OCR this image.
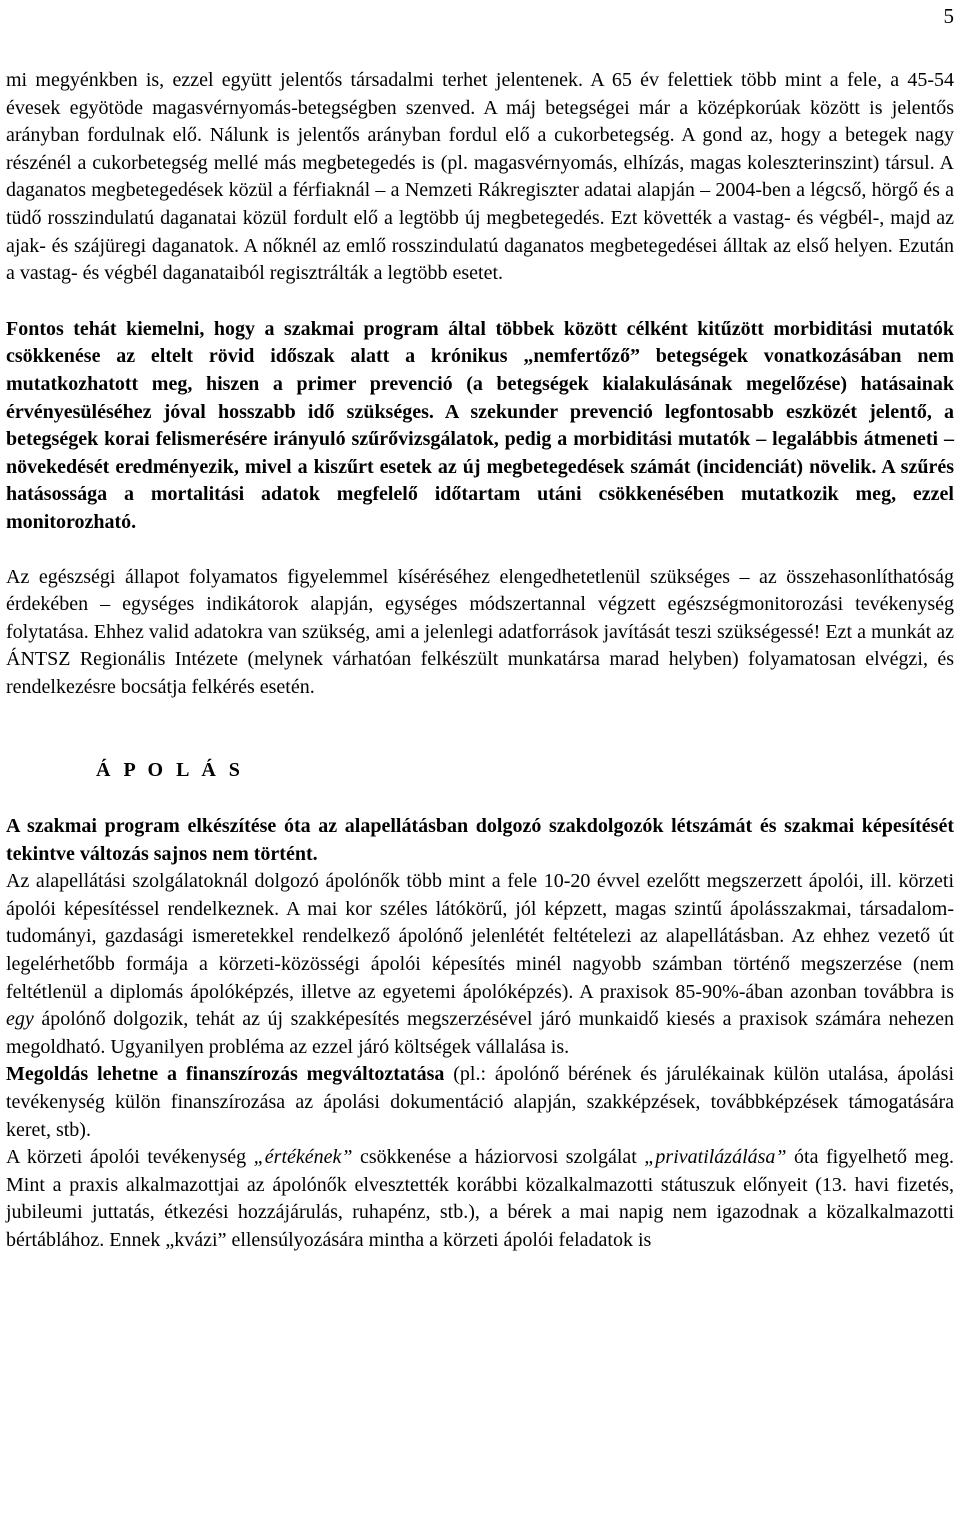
5

mi megyénkben is, ezzel együtt jelentős társadalmi terhet jelentenek. A 65 év felettiek több mint a fele, a 45-54 évesek egyötöde magasvérnyomás-betegségben szenved. A máj betegségei már a középkorúak között is jelentős arányban fordulnak elő. Nálunk is jelentős arányban fordul elő a cukorbetegség. A gond az, hogy a betegek nagy részénél a cukorbetegség mellé más megbetegedés is (pl. magasvérnyomás, elhízás, magas koleszterinszint) társul. A daganatos megbetegedések közül a férfiaknál – a Nemzeti Rákregiszter adatai alapján – 2004-ben a légcső, hörgő és a tüdő rosszindulatú daganatai közül fordult elő a legtöbb új megbetegedés. Ezt követték a vastag- és végbél-, majd az ajak- és szájüregi daganatok. A nőknél az emlő rosszindulatú daganatos megbetegedései álltak az első helyen. Ezután a vastag- és végbél daganataiból regisztrálták a legtöbb esetet.

Fontos tehát kiemelni, hogy a szakmai program által többek között célként kitűzött morbiditási mutatók csökkenése az eltelt rövid időszak alatt a krónikus „nemfertőző” betegségek vonatkozásában nem mutatkozhatott meg, hiszen a primer prevenció (a betegségek kialakulásának megelőzése) hatásainak érvényesüléséhez jóval hosszabb idő szükséges. A szekunder prevenció legfontosabb eszközét jelentő, a betegségek korai felismerésére irányuló szűrővizsgálatok, pedig a morbiditási mutatók – legalábbis átmeneti – növekedését eredményezik, mivel a kiszűrt esetek az új megbetegedések számát (incidenciát) növelik. A szűrés hatásossága a mortalitási adatok megfelelő időtartam utáni csökkenésében mutatkozik meg, ezzel monitorozható.

Az egészségi állapot folyamatos figyelemmel kíséréséhez elengedhetetlenül szükséges – az összehasonlíthatóság érdekében – egységes indikátorok alapján, egységes módszertannal végzett egészségmonitorozási tevékenység folytatása. Ehhez valid adatokra van szükség, ami a jelenlegi adatforrások javítását teszi szükségessé! Ezt a munkát az ÁNTSZ Regionális Intézete (melynek várhatóan felkészült munkatársa marad helyben) folyamatosan elvégzi, és rendelkezésre bocsátja felkérés esetén.

Á P O L Á S

A szakmai program elkészítése óta az alapellátásban dolgozó szakdolgozók létszámát és szakmai képesítését tekintve változás sajnos nem történt.

Az alapellátási szolgálatoknál dolgozó ápolónők több mint a fele 10-20 évvel ezelőtt megszerzett ápolói, ill. körzeti ápolói képesítéssel rendelkeznek. A mai kor széles látókörű, jól képzett, magas szintű ápolásszakmai, társadalom-tudományi, gazdasági ismeretekkel rendelkező ápolónő jelenlétét feltételezi az alapellátásban. Az ehhez vezető út legelérhetőbb formája a körzeti-közösségi ápolói képesítés minél nagyobb számban történő megszerzése (nem feltétlenül a diplomás ápolóképzés, illetve az egyetemi ápolóképzés). A praxisok 85-90%-ában azonban továbbra is egy ápolónő dolgozik, tehát az új szakképesítés megszerzésével járó munkaidő kiesés a praxisok számára nehezen megoldható. Ugyanilyen probléma az ezzel járó költségek vállalása is.

Megoldás lehetne a finanszírozás megváltoztatása (pl.: ápolónő bérének és járulékainak külön utalása, ápolási tevékenység külön finanszírozása az ápolási dokumentáció alapján, szakképzések, továbbképzések támogatására keret, stb).

A körzeti ápolói tevékenység „értékének” csökkenése a háziorvosi szolgálat „privatilázálása” óta figyelhető meg. Mint a praxis alkalmazottjai az ápolónők elvesztették korábbi közalkalmazotti státuszuk előnyeit (13. havi fizetés, jubileumi juttatás, étkezési hozzájárulás, ruhapénz, stb.), a bérek a mai napig nem igazodnak a közalkalmazotti bértáblához. Ennek „kvázi” ellensúlyozására mintha a körzeti ápolói feladatok is
